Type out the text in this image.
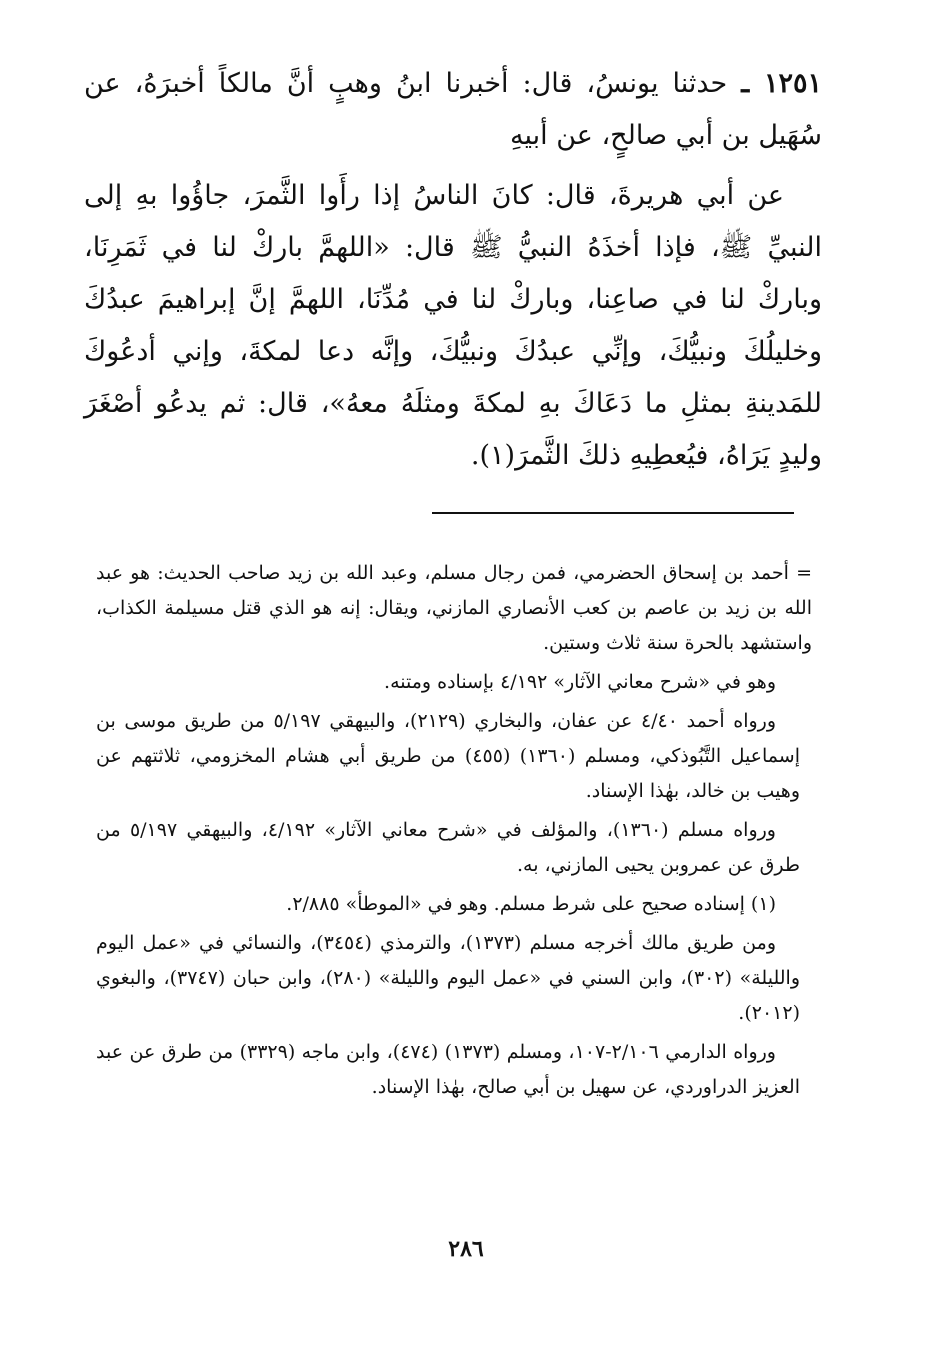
١٢٥١ ـ حدثنا يونسُ، قال: أخبرنا ابنُ وهبٍ أنَّ مالكاً أخبرَهُ، عن سُهَيل بن أبي صالحٍ، عن أبيهِ

عن أبي هريرةَ، قال: كانَ الناسُ إذا رأَوا الثَّمرَ، جاؤُوا بهِ إلى النبيِّ ﷺ، فإذا أخذَهُ النبيُّ ﷺ قال: «اللهمَّ باركْ لنا في ثَمَرِنَا، وباركْ لنا في صاعِنا، وباركْ لنا في مُدِّنَا، اللهمَّ إنَّ إبراهيمَ عبدُكَ وخليلُكَ ونبيُّكَ، وإنِّي عبدُكَ ونبيُّكَ، وإنَّه دعا لمكةَ، وإني أدعُوكَ للمَدينةِ بمثلِ ما دَعَاكَ بهِ لمكةَ ومثلَهُ معهُ»، قال: ثم يدعُو أصْغَرَ وليدٍ يَرَاهُ، فيُعطِيهِ ذلكَ الثَّمرَ(١).

= أحمد بن إسحاق الحضرمي، فمن رجال مسلم، وعبد الله بن زيد صاحب الحديث: هو عبد الله بن زيد بن عاصم بن كعب الأنصاري المازني، ويقال: إنه هو الذي قتل مسيلمة الكذاب، واستشهد بالحرة سنة ثلاث وستين.

وهو في «شرح معاني الآثار» ٤/١٩٢ بإسناده ومتنه.

ورواه أحمد ٤/٤٠ عن عفان، والبخاري (٢١٢٩)، والبيهقي ٥/١٩٧ من طريق موسى بن إسماعيل التَّبُوذكي، ومسلم (١٣٦٠) (٤٥٥) من طريق أبي هشام المخزومي، ثلاثتهم عن وهيب بن خالد، بهٰذا الإسناد.

ورواه مسلم (١٣٦٠)، والمؤلف في «شرح معاني الآثار» ٤/١٩٢، والبيهقي ٥/١٩٧ من طرق عن عمروبن يحيى المازني، به.

(١) إسناده صحيح على شرط مسلم. وهو في «الموطأ» ٢/٨٨٥.

ومن طريق مالك أخرجه مسلم (١٣٧٣)، والترمذي (٣٤٥٤)، والنسائي في «عمل اليوم والليلة» (٣٠٢)، وابن السني في «عمل اليوم والليلة» (٢٨٠)، وابن حبان (٣٧٤٧)، والبغوي (٢٠١٢).

ورواه الدارمي ٢/١٠٦-١٠٧، ومسلم (١٣٧٣) (٤٧٤)، وابن ماجه (٣٣٢٩) من طرق عن عبد العزيز الدراوردي، عن سهيل بن أبي صالح، بهٰذا الإسناد.

٢٨٦
